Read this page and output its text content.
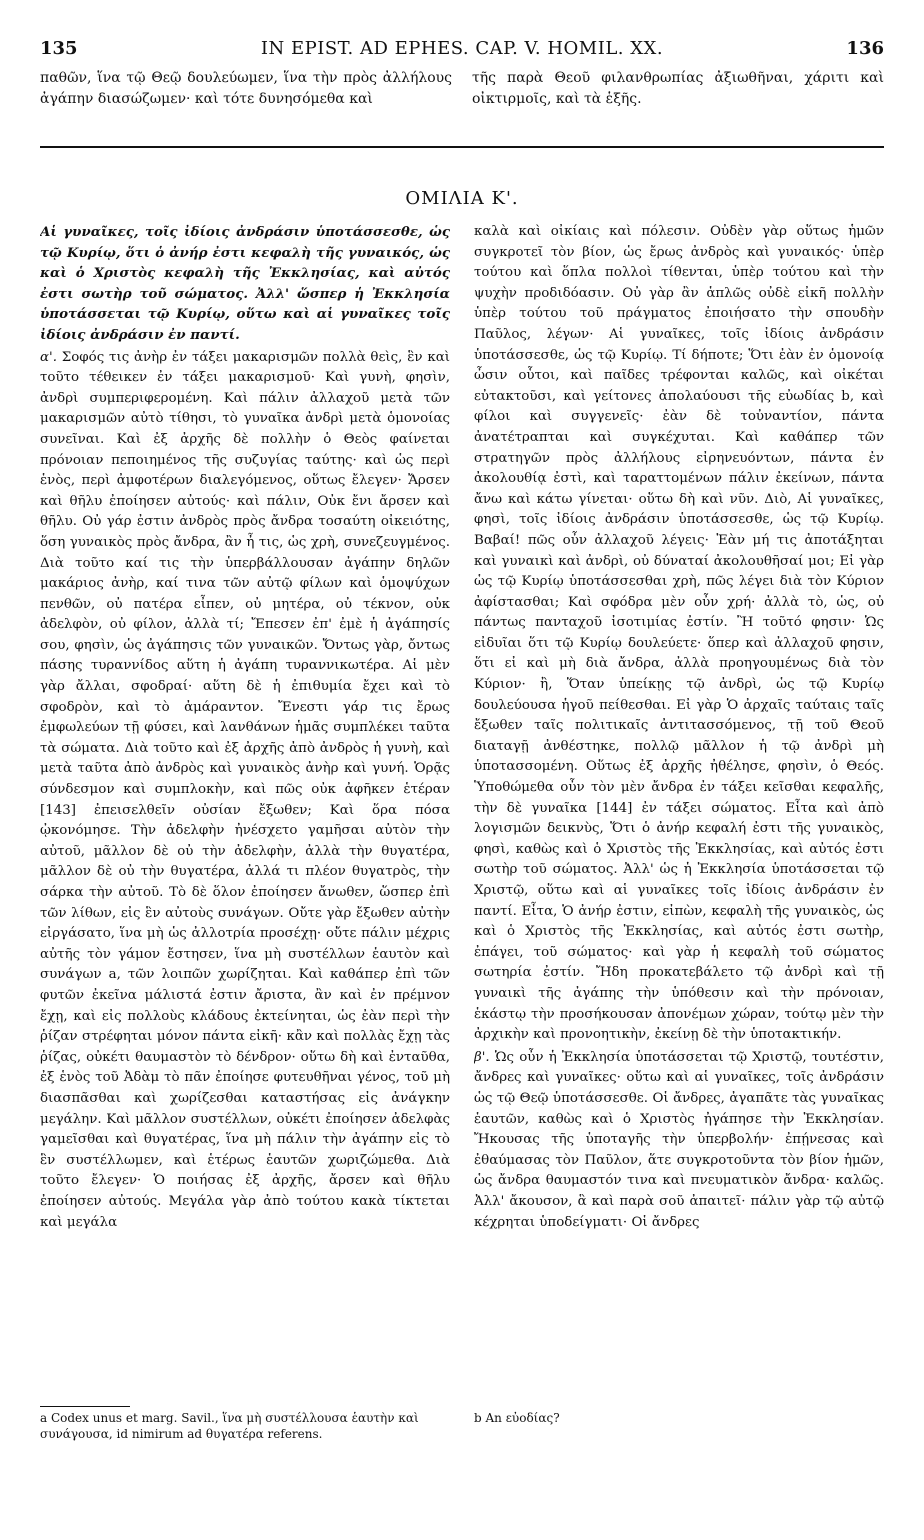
135	IN EPIST. AD EPHES. CAP. V. HOMIL. XX.	136
παθῶν, ἵνα τῷ Θεῷ δουλεύωμεν, ἵνα τὴν πρὸς ἀλλήλους ἀγάπην διασώζωμεν· καὶ τότε δυνησόμεθα καὶ
τῆς παρὰ Θεοῦ φιλανθρωπίας ἀξιωθῆναι, χάριτι καὶ οἰκτιρμοῖς, καὶ τὰ ἑξῆς.
ΟΜΙΛΙΑ Κ'.

Αἱ γυναῖκες, τοῖς ἰδίοις ἀνδράσιν ὑποτάσσεσθε, ὡς τῷ Κυρίῳ, ὅτι ὁ ἀνήρ ἐστι κεφαλὴ τῆς γυναικός, ὡς καὶ ὁ Χριστὸς κεφαλὴ τῆς Ἐκκλησίας, καὶ αὐτός ἐστι σωτὴρ τοῦ σώματος. Ἀλλ' ὥσπερ ἡ Ἐκκλησία ὑποτάσσεται τῷ Κυρίῳ, οὕτω καὶ αἱ γυναῖκες τοῖς ἰδίοις ἀνδράσιν ἐν παντί.

α'. Σοφός τις ἀνὴρ ἐν τάξει μακαρισμῶν πολλὰ θεὶς, ἓν καὶ τοῦτο τέθεικεν ἐν τάξει μακαρισμοῦ· Καὶ γυνὴ, φησὶν, ἀνδρὶ συμπεριφερομένη. Καὶ πάλιν ἀλλαχοῦ μετὰ τῶν μακαρισμῶν αὐτὸ τίθησι, τὸ γυναῖκα ἀνδρὶ μετὰ ὁμονοίας συνεῖναι. Καὶ ἐξ ἀρχῆς δὲ πολλὴν ὁ Θεὸς φαίνεται πρόνοιαν πεποιημένος τῆς συζυγίας ταύτης· καὶ ὡς περὶ ἑνὸς, περὶ ἀμφοτέρων διαλεγόμενος, οὕτως ἔλεγεν· Ἄρσεν καὶ θῆλυ ἐποίησεν αὐτούς· καὶ πάλιν, Οὐκ ἔνι ἄρσεν καὶ θῆλυ. Οὐ γάρ ἐστιν ἀνδρὸς πρὸς ἄνδρα τοσαύτη οἰκειότης, ὅση γυναικὸς πρὸς ἄνδρα, ἂν ἦ τις, ὡς χρὴ, συνεζευγμένος. Διὰ τοῦτο καί τις τὴν ὑπερβάλλουσαν ἀγάπην δηλῶν μακάριος ἀνὴρ, καί τινα τῶν αὐτῷ φίλων καὶ ὁμοψύχων πενθῶν, οὐ πατέρα εἶπεν, οὐ μητέρα, οὐ τέκνον, οὐκ ἀδελφὸν, οὐ φίλον, ἀλλὰ τί; Ἔπεσεν ἐπ' ἐμὲ ἡ ἀγάπησίς σου, φησὶν, ὡς ἀγάπησις τῶν γυναικῶν. Ὄντως γὰρ, ὄντως πάσης τυραννίδος αὕτη ἡ ἀγάπη τυραννικωτέρα. Αἱ μὲν γὰρ ἄλλαι, σφοδραί· αὕτη δὲ ἡ ἐπιθυμία ἔχει καὶ τὸ σφοδρὸν, καὶ τὸ ἀμάραντον. Ἔνεστι γάρ τις ἔρως ἐμφωλεύων τῇ φύσει, καὶ λανθάνων ἡμᾶς συμπλέκει ταῦτα τὰ σώματα. Διὰ τοῦτο καὶ ἐξ ἀρχῆς ἀπὸ ἀνδρὸς ἡ γυνὴ, καὶ μετὰ ταῦτα ἀπὸ ἀνδρὸς καὶ γυναικὸς ἀνὴρ καὶ γυνή. Ὁρᾷς σύνδεσμον καὶ συμπλοκὴν, καὶ πῶς οὐκ ἀφῆκεν ἑτέραν [143] ἐπεισελθεῖν οὐσίαν ἔξωθεν; Καὶ ὅρα πόσα ᾠκονόμησε. Τὴν ἀδελφὴν ἠνέσχετο γαμῆσαι αὐτὸν τὴν αὐτοῦ, μᾶλλον δὲ οὐ τὴν ἀδελφὴν, ἀλλὰ τὴν θυγατέρα, μᾶλλον δὲ οὐ τὴν θυγατέρα, ἀλλά τι πλέον θυγατρὸς, τὴν σάρκα τὴν αὐτοῦ. Τὸ δὲ ὅλον ἐποίησεν ἄνωθεν, ὥσπερ ἐπὶ τῶν λίθων, εἰς ἓν αὐτοὺς συνάγων. Οὔτε γὰρ ἔξωθεν αὐτὴν εἰργάσατο, ἵνα μὴ ὡς ἀλλοτρία προσέχῃ· οὔτε πάλιν μέχρις αὐτῆς τὸν γάμον ἔστησεν, ἵνα μὴ συστέλλων ἑαυτὸν καὶ συνάγων a, τῶν λοιπῶν χωρίζηται. Καὶ καθάπερ ἐπὶ τῶν φυτῶν ἐκεῖνα μάλιστά ἐστιν ἄριστα, ἂν καὶ ἐν πρέμνον ἔχῃ, καὶ εἰς πολλοὺς κλάδους ἐκτείνηται, ὡς ἐὰν περὶ τὴν ῥίζαν στρέφηται μόνον πάντα εἰκῆ· κἂν καὶ πολλὰς ἔχῃ τὰς ῥίζας, οὐκέτι θαυμαστὸν τὸ δένδρον· οὕτω δὴ καὶ ἐνταῦθα, ἐξ ἑνὸς τοῦ Ἀδὰμ τὸ πᾶν ἐποίησε φυτευθῆναι γένος, τοῦ μὴ διασπᾶσθαι καὶ χωρίζεσθαι καταστήσας εἰς ἀνάγκην μεγάλην. Καὶ μᾶλλον συστέλλων, οὐκέτι ἐποίησεν ἀδελφὰς γαμεῖσθαι καὶ θυγατέρας, ἵνα μὴ πάλιν τὴν ἀγάπην εἰς τὸ ἓν συστέλλωμεν, καὶ ἑτέρως ἑαυτῶν χωριζώμεθα. Διὰ τοῦτο ἔλεγεν· Ὁ ποιήσας ἐξ ἀρχῆς, ἄρσεν καὶ θῆλυ ἐποίησεν αὐτούς. Μεγάλα γὰρ ἀπὸ τούτου κακὰ τίκτεται καὶ μεγάλα

καλὰ καὶ οἰκίαις καὶ πόλεσιν. Οὐδὲν γὰρ οὕτως ἡμῶν συγκροτεῖ τὸν βίον, ὡς ἔρως ἀνδρὸς καὶ γυναικός· ὑπὲρ τούτου καὶ ὅπλα πολλοὶ τίθενται, ὑπὲρ τούτου καὶ τὴν ψυχὴν προδιδόασιν. Οὐ γὰρ ἂν ἁπλῶς οὐδὲ εἰκῆ πολλὴν ὑπὲρ τούτου τοῦ πράγματος ἐποιήσατο τὴν σπουδὴν Παῦλος, λέγων· Αἱ γυναῖκες, τοῖς ἰδίοις ἀνδράσιν ὑποτάσσεσθε, ὡς τῷ Κυρίῳ. Τί δήποτε; Ὅτι ἐὰν ἐν ὁμονοίᾳ ὦσιν οὗτοι, καὶ παῖδες τρέφονται καλῶς, καὶ οἰκέται εὐτακτοῦσι, καὶ γείτονες ἀπολαύουσι τῆς εὐωδίας b, καὶ φίλοι καὶ συγγενεῖς· ἐὰν δὲ τοὐναντίον, πάντα ἀνατέτραπται καὶ συγκέχυται. Καὶ καθάπερ τῶν στρατηγῶν πρὸς ἀλλήλους εἰρηνευόντων, πάντα ἐν ἀκολουθίᾳ ἐστὶ, καὶ ταραττομένων πάλιν ἐκείνων, πάντα ἄνω καὶ κάτω γίνεται· οὕτω δὴ καὶ νῦν. Διὸ, Αἱ γυναῖκες, φησὶ, τοῖς ἰδίοις ἀνδράσιν ὑποτάσσεσθε, ὡς τῷ Κυρίῳ. Βαβαί! πῶς οὖν ἀλλαχοῦ λέγεις· Ἐὰν μή τις ἀποτάξηται καὶ γυναικὶ καὶ ἀνδρὶ, οὐ δύναταί ἀκολουθῆσαί μοι; Εἰ γὰρ ὡς τῷ Κυρίῳ ὑποτάσσεσθαι χρὴ, πῶς λέγει διὰ τὸν Κύριον ἀφίστασθαι; Καὶ σφόδρα μὲν οὖν χρή· ἀλλὰ τὸ, ὡς, οὐ πάντως πανταχοῦ ἰσοτιμίας ἐστίν. Ἢ τοῦτό φησιν· Ὡς εἰδυῖαι ὅτι τῷ Κυρίῳ δουλεύετε· ὅπερ καὶ ἀλλαχοῦ φησιν, ὅτι εἰ καὶ μὴ διὰ ἄνδρα, ἀλλὰ προηγουμένως διὰ τὸν Κύριον· ἢ, Ὅταν ὑπείκῃς τῷ ἀνδρὶ, ὡς τῷ Κυρίῳ δουλεύουσα ἡγοῦ πείθεσθαι. Εἰ γὰρ Ὁ ἀρχαῖς ταύταις ταῖς ἔξωθεν ταῖς πολιτικαῖς ἀντιτασσόμενος, τῇ τοῦ Θεοῦ διαταγῇ ἀνθέστηκε, πολλῷ μᾶλλον ἡ τῷ ἀνδρὶ μὴ ὑποτασσομένη. Οὕτως ἐξ ἀρχῆς ἠθέλησε, φησὶν, ὁ Θεός. Ὑποθώμεθα οὖν τὸν μὲν ἄνδρα ἐν τάξει κεῖσθαι κεφαλῆς, τὴν δὲ γυναῖκα [144] ἐν τάξει σώματος. Εἶτα καὶ ἀπὸ λογισμῶν δεικνὺς, Ὅτι ὁ ἀνήρ κεφαλή ἐστι τῆς γυναικὸς, φησὶ, καθὼς καὶ ὁ Χριστὸς τῆς Ἐκκλησίας, καὶ αὐτός ἐστι σωτὴρ τοῦ σώματος. Ἀλλ' ὡς ἡ Ἐκκλησία ὑποτάσσεται τῷ Χριστῷ, οὕτω καὶ αἱ γυναῖκες τοῖς ἰδίοις ἀνδράσιν ἐν παντί. Εἶτα, Ὁ ἀνήρ ἐστιν, εἰπὼν, κεφαλὴ τῆς γυναικὸς, ὡς καὶ ὁ Χριστὸς τῆς Ἐκκλησίας, καὶ αὐτός ἐστι σωτὴρ, ἐπάγει, τοῦ σώματος· καὶ γὰρ ἡ κεφαλὴ τοῦ σώματος σωτηρία ἐστίν. Ἤδη προκατεβάλετο τῷ ἀνδρὶ καὶ τῇ γυναικὶ τῆς ἀγάπης τὴν ὑπόθεσιν καὶ τὴν πρόνοιαν, ἑκάστῳ τὴν προσήκουσαν ἀπονέμων χώραν, τούτῳ μὲν τὴν ἀρχικὴν καὶ προνοητικὴν, ἐκείνῃ δὲ τὴν ὑποτακτικήν.

β'. Ὡς οὖν ἡ Ἐκκλησία ὑποτάσσεται τῷ Χριστῷ, τουτέστιν, ἄνδρες καὶ γυναῖκες· οὕτω καὶ αἱ γυναῖκες, τοῖς ἀνδράσιν ὡς τῷ Θεῷ ὑποτάσσεσθε. Οἱ ἄνδρες, ἀγαπᾶτε τὰς γυναῖκας ἑαυτῶν, καθὼς καὶ ὁ Χριστὸς ἠγάπησε τὴν Ἐκκλησίαν. Ἤκουσας τῆς ὑποταγῆς τὴν ὑπερβολήν· ἐπῄνεσας καὶ ἐθαύμασας τὸν Παῦλον, ἅτε συγκροτοῦντα τὸν βίον ἡμῶν, ὡς ἄνδρα θαυμαστόν τινα καὶ πνευματικὸν ἄνδρα· καλῶς. Ἀλλ' ἄκουσον, ἃ καὶ παρὰ σοῦ ἀπαιτεῖ· πάλιν γὰρ τῷ αὐτῷ κέχρηται ὑποδείγματι· Οἱ ἄνδρες

a Codex unus et marg. Savil., ἵνα μὴ συστέλλουσα ἑαυτὴν καὶ συνάγουσα, id nimirum ad θυγατέρα referens.
b An εὐοδίας?
